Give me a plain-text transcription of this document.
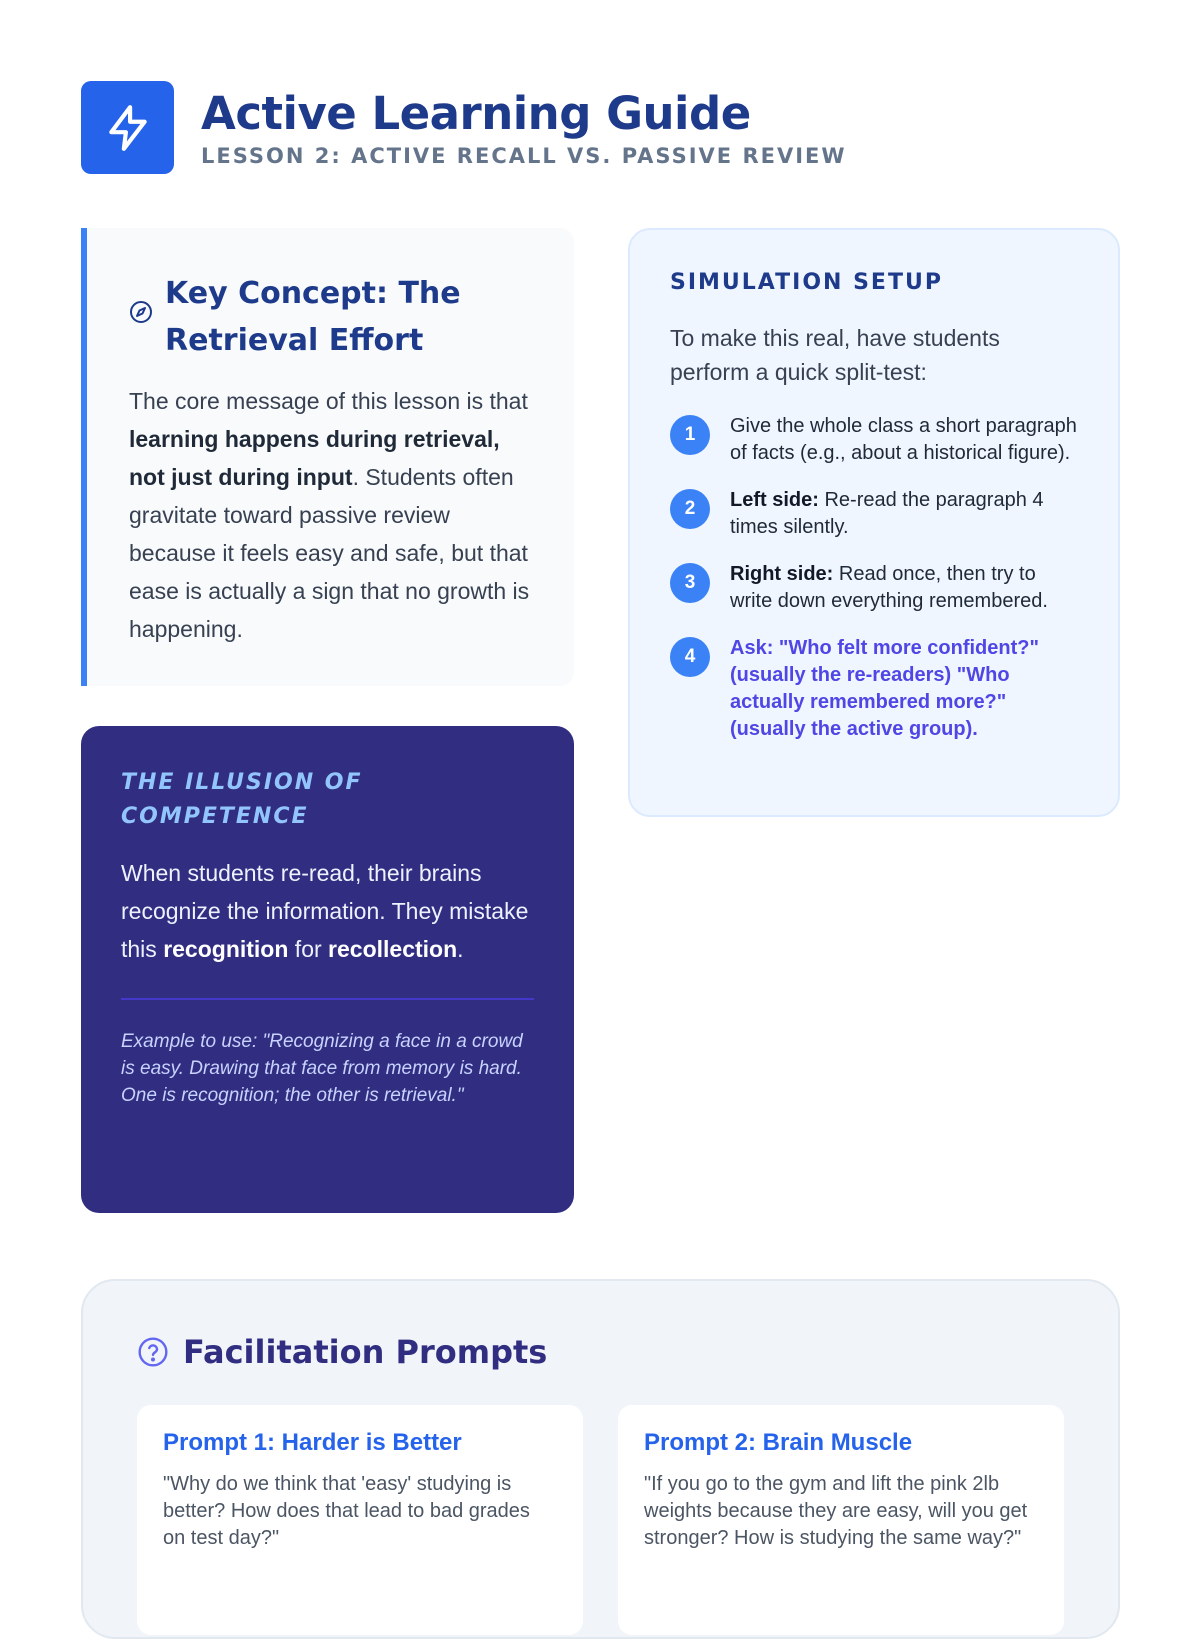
Active Learning Guide
LESSON 2: ACTIVE RECALL VS. PASSIVE REVIEW
Key Concept: The Retrieval Effort

The core message of this lesson is that learning happens during retrieval, not just during input. Students often gravitate toward passive review because it feels easy and safe, but that ease is actually a sign that no growth is happening.

THE ILLUSION OF COMPETENCE

When students re-read, their brains recognize the information. They mistake this recognition for recollection.

Example to use: "Recognizing a face in a crowd is easy. Drawing that face from memory is hard. One is recognition; the other is retrieval."

SIMULATION SETUP

To make this real, have students perform a quick split-test:

1	Give the whole class a short paragraph of facts (e.g., about a historical figure).
2	Left side: Re-read the paragraph 4 times silently.
3	Right side: Read once, then try to write down everything remembered.
4	Ask: "Who felt more confident?" (usually the re-readers) "Who actually remembered more?" (usually the active group).
Facilitation Prompts
Prompt 1: Harder is Better

"Why do we think that 'easy' studying is better? How does that lead to bad grades on test day?"

Prompt 2: Brain Muscle

"If you go to the gym and lift the pink 2lb weights because they are easy, will you get stronger? How is studying the same way?"
